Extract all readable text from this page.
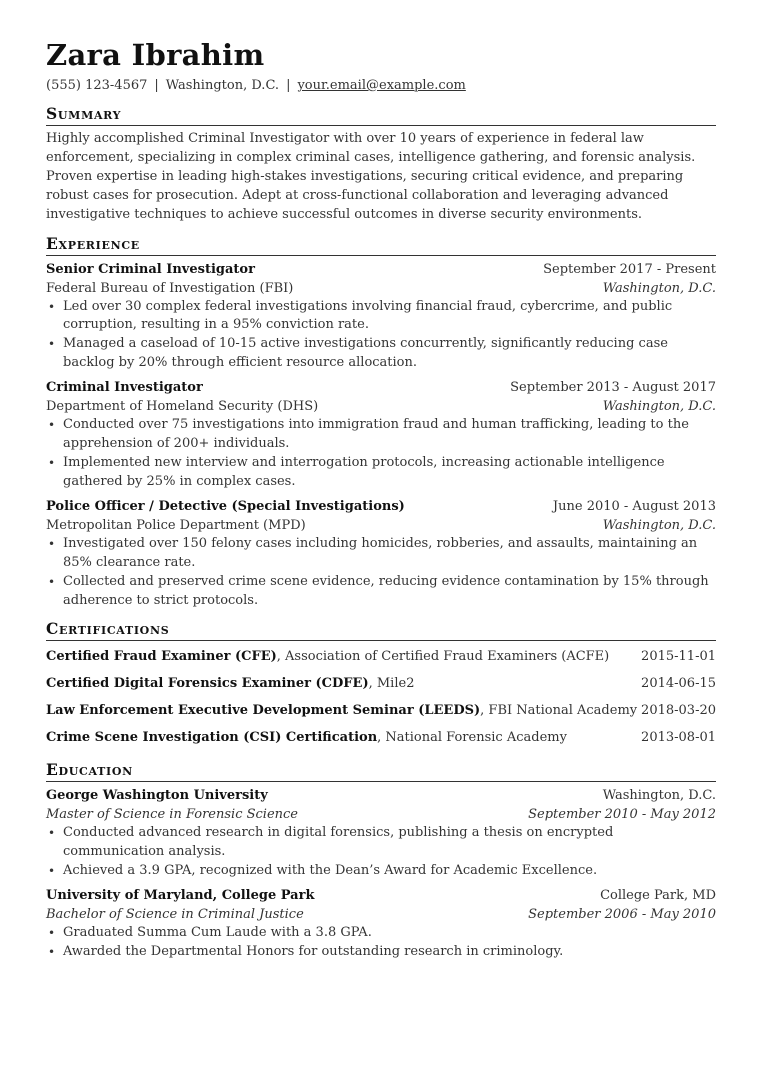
Zara Ibrahim
(555) 123-4567 | Washington, D.C. | your.email@example.com
Summary
Highly accomplished Criminal Investigator with over 10 years of experience in federal law enforcement, specializing in complex criminal cases, intelligence gathering, and forensic analysis. Proven expertise in leading high-stakes investigations, securing critical evidence, and preparing robust cases for prosecution. Adept at cross-functional collaboration and leveraging advanced investigative techniques to achieve successful outcomes in diverse security environments.
Experience
Senior Criminal Investigator	September 2017 - Present
Federal Bureau of Investigation (FBI)	Washington, D.C.
• Led over 30 complex federal investigations involving financial fraud, cybercrime, and public corruption, resulting in a 95% conviction rate.
• Managed a caseload of 10-15 active investigations concurrently, significantly reducing case backlog by 20% through efficient resource allocation.
Criminal Investigator	September 2013 - August 2017
Department of Homeland Security (DHS)	Washington, D.C.
• Conducted over 75 investigations into immigration fraud and human trafficking, leading to the apprehension of 200+ individuals.
• Implemented new interview and interrogation protocols, increasing actionable intelligence gathered by 25% in complex cases.
Police Officer / Detective (Special Investigations)	June 2010 - August 2013
Metropolitan Police Department (MPD)	Washington, D.C.
• Investigated over 150 felony cases including homicides, robberies, and assaults, maintaining an 85% clearance rate.
• Collected and preserved crime scene evidence, reducing evidence contamination by 15% through adherence to strict protocols.
Certifications
Certified Fraud Examiner (CFE), Association of Certified Fraud Examiners (ACFE) 2015-11-01
Certified Digital Forensics Examiner (CDFE), Mile2	2014-06-15
Law Enforcement Executive Development Seminar (LEEDS), FBI National Academy 2018-03-20
Crime Scene Investigation (CSI) Certification, National Forensic Academy	2013-08-01
Education
George Washington University	Washington, D.C.
Master of Science in Forensic Science	September 2010 - May 2012
• Conducted advanced research in digital forensics, publishing a thesis on encrypted communication analysis.
• Achieved a 3.9 GPA, recognized with the Dean’s Award for Academic Excellence.
University of Maryland, College Park	College Park, MD
Bachelor of Science in Criminal Justice	September 2006 - May 2010
• Graduated Summa Cum Laude with a 3.8 GPA.
• Awarded the Departmental Honors for outstanding research in criminology.
